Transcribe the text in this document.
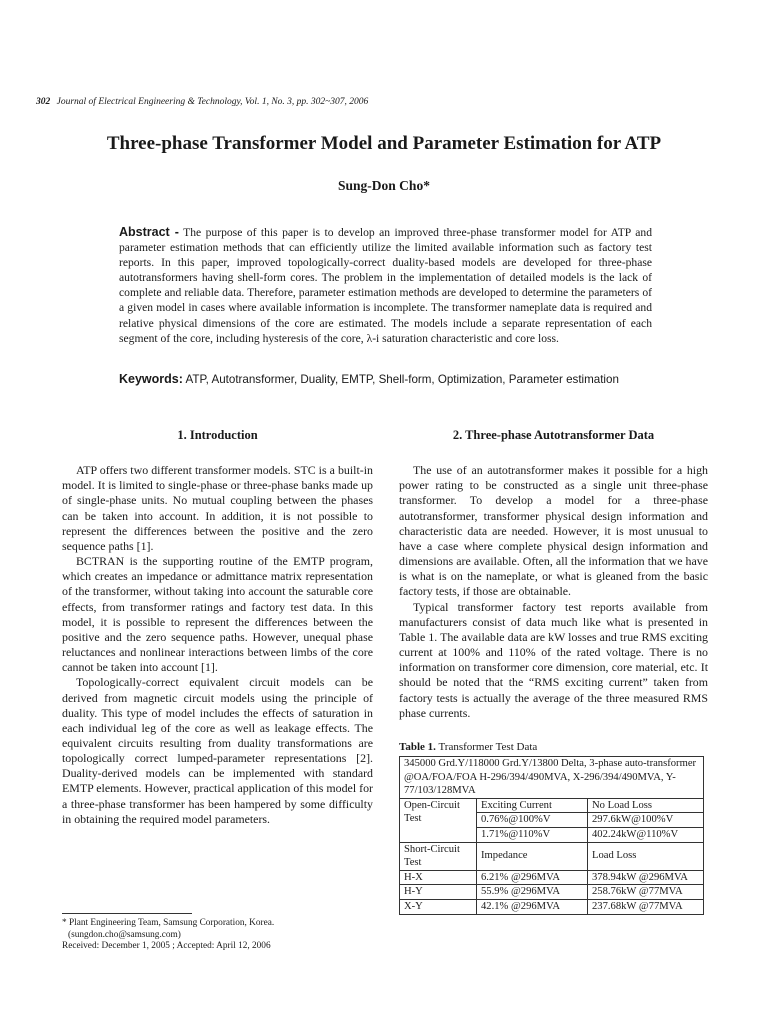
302 Journal of Electrical Engineering & Technology, Vol. 1, No. 3, pp. 302~307, 2006
Three-phase Transformer Model and Parameter Estimation for ATP
Sung-Don Cho*
Abstract - The purpose of this paper is to develop an improved three-phase transformer model for ATP and parameter estimation methods that can efficiently utilize the limited available information such as factory test reports. In this paper, improved topologically-correct duality-based models are developed for three-phase autotransformers having shell-form cores. The problem in the implementation of detailed models is the lack of complete and reliable data. Therefore, parameter estimation methods are developed to determine the parameters of a given model in cases where available information is incomplete. The transformer nameplate data is required and relative physical dimensions of the core are estimated. The models include a separate representation of each segment of the core, including hysteresis of the core, λ-i saturation characteristic and core loss.
Keywords: ATP, Autotransformer, Duality, EMTP, Shell-form, Optimization, Parameter estimation
1. Introduction

ATP offers two different transformer models. STC is a built-in model. It is limited to single-phase or three-phase banks made up of single-phase units. No mutual coupling between the phases can be taken into account. In addition, it is not possible to represent the differences between the positive and the zero sequence paths [1].

BCTRAN is the supporting routine of the EMTP program, which creates an impedance or admittance matrix representation of the transformer, without taking into account the saturable core effects, from transformer ratings and factory test data. In this model, it is possible to represent the differences between the positive and the zero sequence paths. However, unequal phase reluctances and nonlinear interactions between limbs of the core cannot be taken into account [1].

Topologically-correct equivalent circuit models can be derived from magnetic circuit models using the principle of duality. This type of model includes the effects of saturation in each individual leg of the core as well as leakage effects. The equivalent circuits resulting from duality transformations are topologically correct lumped-parameter representations [2]. Duality-derived models can be implemented with standard EMTP elements. However, practical application of this model for a three-phase transformer has been hampered by some difficulty in obtaining the required model parameters.

2. Three-phase Autotransformer Data

The use of an autotransformer makes it possible for a high power rating to be constructed as a single unit three-phase transformer. To develop a model for a three-phase autotransformer, transformer physical design information and characteristic data are needed. However, it is most unusual to have a case where complete physical design information and dimensions are available. Often, all the information that we have is what is on the nameplate, or what is gleaned from the basic factory tests, if those are obtainable.

Typical transformer factory test reports available from manufacturers consist of data much like what is presented in Table 1. The available data are kW losses and true RMS exciting current at 100% and 110% of the rated voltage. There is no information on transformer core dimension, core material, etc. It should be noted that the “RMS exciting current” taken from factory tests is actually the average of the three measured RMS phase currents.

Table 1. Transformer Test Data
345000 Grd.Y/118000 Grd.Y/13800 Delta, 3-phase auto-transformer @OA/FOA/FOA H-296/394/490MVA, X-296/394/490MVA, Y-77/103/128MVA		
Open-Circuit Test	Exciting Current	No Load Loss
	0.76%@100%V	297.6kW@100%V
	1.71%@110%V	402.24kW@110%V
Short-Circuit Test	Impedance	Load Loss
H-X	6.21% @296MVA	378.94kW @296MVA
H-Y	55.9% @296MVA	258.76kW @77MVA
X-Y	42.1% @296MVA	237.68kW @77MVA
* Plant Engineering Team, Samsung Corporation, Korea.
(sungdon.cho@samsung.com)
Received: December 1, 2005 ; Accepted: April 12, 2006
